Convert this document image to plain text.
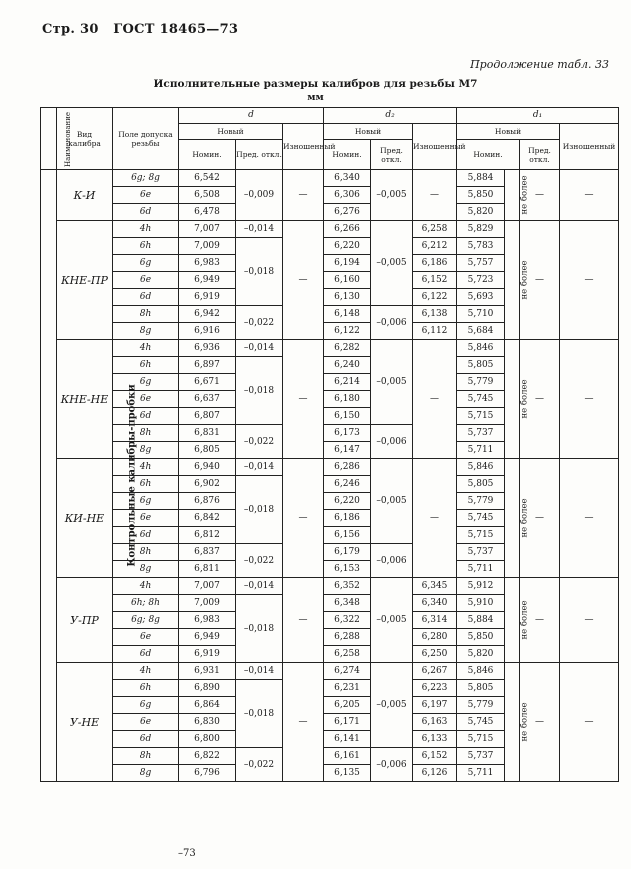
Стр. 30 ГОСТ 18465—73
Продолжение табл. 33
Исполнительные размеры калибров для резьбы М7
мм
Наименование	Вид калибра	Поле допуска резьбы	d			d₂			d₁			
			Новый		Изношенный	Новый		Изношенный	Новый			Изношенный
			Номин.	Пред. откл.		Номин.	Пред. откл.		Номин.		Пред. откл.	
Контрольные калибры-пробки	К-И	6g; 8g	6,542	–0,009	—	6,340	–0,005	—	5,884	не более	—	—
		6e	6,508			6,306			5,850			
		6d	6,478			6,276			5,820			
	КНЕ-ПР	4h	7,007	–0,014	—	6,266	–0,005	6,258	5,829	не более	—	—
		6h	7,009	–0,018		6,220		6,212	5,783			
		6g	6,983			6,194		6,186	5,757			
		6e	6,949			6,160		6,152	5,723			
		6d	6,919			6,130		6,122	5,693			
		8h	6,942	–0,022		6,148	–0,006	6,138	5,710			
		8g	6,916			6,122		6,112	5,684			
	КНЕ-НЕ	4h	6,936	–0,014	—	6,282	–0,005	—	5,846	не более	—	—
		6h	6,897	–0,018		6,240			5,805			
		6g	6,671			6,214			5,779			
		6e	6,637			6,180			5,745			
		6d	6,807			6,150			5,715			
		8h	6,831	–0,022		6,173	–0,006		5,737			
		8g	6,805			6,147			5,711			
	КИ-НЕ	4h	6,940	–0,014	—	6,286	–0,005	—	5,846	не более	—	—
		6h	6,902	–0,018		6,246			5,805			
		6g	6,876			6,220			5,779			
		6e	6,842			6,186			5,745			
		6d	6,812			6,156			5,715			
		8h	6,837	–0,022		6,179	–0,006		5,737			
		8g	6,811			6,153			5,711			
	У-ПР	4h	7,007	–0,014	—	6,352	–0,005	6,345	5,912	не более	—	—
		6h; 8h	7,009	–0,018		6,348		6,340	5,910			
		6g; 8g	6,983			6,322		6,314	5,884			
		6e	6,949			6,288		6,280	5,850			
		6d	6,919			6,258		6,250	5,820			
	У-НЕ	4h	6,931	–0,014	—	6,274	–0,005	6,267	5,846	не более	—	—
		6h	6,890	–0,018		6,231		6,223	5,805			
		6g	6,864			6,205		6,197	5,779			
		6e	6,830			6,171		6,163	5,745			
		6d	6,800			6,141		6,133	5,715			
		8h	6,822	–0,022		6,161	–0,006	6,152	5,737			
		8g	6,796			6,135		6,126	5,711			
–73
